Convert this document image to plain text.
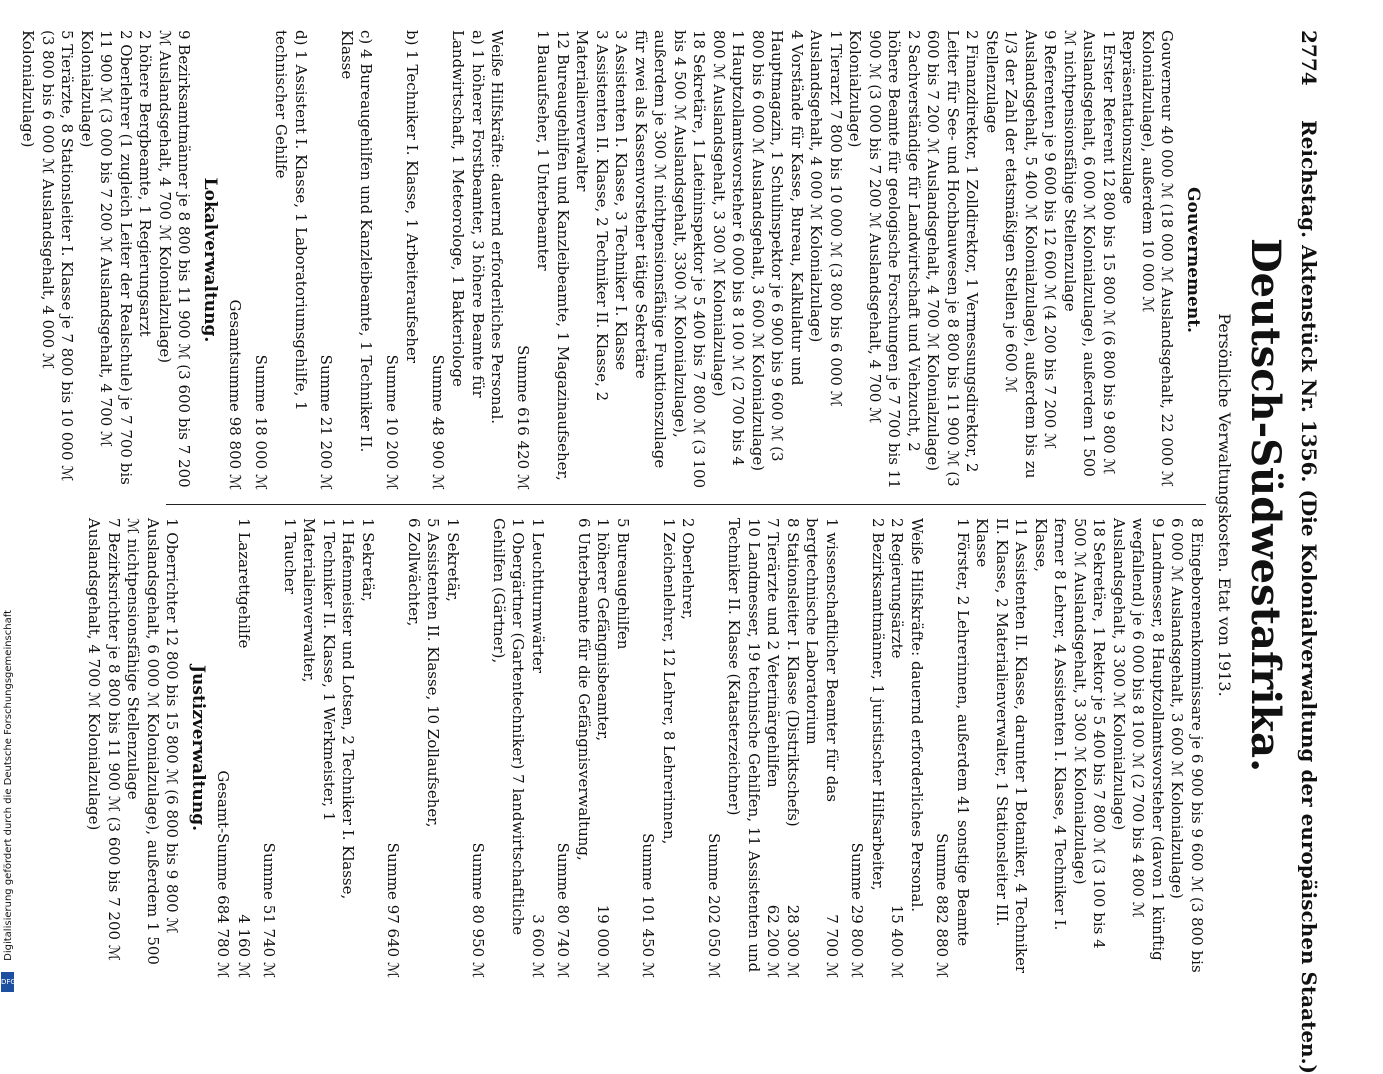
2774
Reichstag. Aktenstück Nr. 1356. (Die Kolonialverwaltung der europäischen Staaten.)
Deutsch-Südwestafrika.
Persönliche Verwaltungskosten. Etat von 1913.
Gouvernement.

Gouverneur 40 000 ℳ (18 000 ℳ Auslandsgehalt, 22 000 ℳ Kolonialzulage), außerdem 10 000 ℳ Repräsentationszulage

1 Erster Referent 12 800 bis 15 800 ℳ (6 800 bis 9 800 ℳ Auslandsgehalt, 6 000 ℳ Kolonialzulage), außerdem 1 500 ℳ nichtpensionsfähige Stellenzulage

9 Referenten je 9 600 bis 12 600 ℳ (4 200 bis 7 200 ℳ Auslandsgehalt, 5 400 ℳ Kolonialzulage), außerdem bis zu 1/3 der Zahl der etatsmäßigen Stellen je 600 ℳ Stellenzulage

2 Finanzdirektor, 1 Zolldirektor, 1 Vermessungsdirektor, 2 Leiter für See- und Hochbauwesen je 8 800 bis 11 900 ℳ (3 600 bis 7 200 ℳ Auslandsgehalt, 4 700 ℳ Kolonialzulage)

2 Sachverständige für Landwirtschaft und Viehzucht, 2 höhere Beamte für geologische Forschungen je 7 700 bis 11 900 ℳ (3 000 bis 7 200 ℳ Auslandsgehalt, 4 700 ℳ Kolonialzulage)

1 Tierarzt 7 800 bis 10 000 ℳ (3 800 bis 6 000 ℳ Auslandsgehalt, 4 000 ℳ Kolonialzulage)

4 Vorstände für Kasse, Bureau, Kalkulatur und Hauptmagazin, 1 Schulinspektor je 6 900 bis 9 600 ℳ (3 800 bis 6 000 ℳ Auslandsgehalt, 3 600 ℳ Kolonialzulage)

1 Hauptzollamtsvorsteher 6 000 bis 8 100 ℳ (2 700 bis 4 800 ℳ Auslandsgehalt, 3 300 ℳ Kolonialzulage)

18 Sekretäre, 1 Lateininspektor je 5 400 bis 7 800 ℳ (3 100 bis 4 500 ℳ Auslandsgehalt, 3300 ℳ Kolonialzulage), außerdem je 300 ℳ nichtpensionsfähige Funktionszulage für zwei als Kassenvorsteher tätige Sekretäre

3 Assistenten I. Klasse, 3 Techniker I. Klasse

3 Assistenten II. Klasse, 2 Techniker II. Klasse, 2 Materialienverwalter

12 Bureaugehilfen und Kanzleibeamte, 1 Magazinaufseher, 1 Bauaufseher, 1 Unterbeamter

Summe 616 420 ℳ

Weiße Hilfskräfte: dauernd erforderliches Personal.

a) 1 höherer Forstbeamter, 3 höhere Beamte für Landwirtschaft, 1 Meteorologe, 1 Bakteriologe

Summe 48 900 ℳ

b) 1 Techniker I. Klasse, 1 Arbeiteraufseher

Summe 10 200 ℳ

c) 4 Bureaugehilfen und Kanzleibeamte, 1 Techniker II. Klasse

Summe 21 200 ℳ

d) 1 Assistent I. Klasse, 1 Laboratoriumsgehilfe, 1 technischer Gehilfe

Summe 18 000 ℳ
Gesamtsumme 98 800 ℳ
Lokalverwaltung.

9 Bezirksamtmänner je 8 800 bis 11 900 ℳ (3 600 bis 7 200 ℳ Auslandsgehalt, 4 700 ℳ Kolonialzulage)

2 höhere Bergbeamte, 1 Regierungsarzt

2 Oberlehrer (1 zugleich Leiter der Realschule) je 7 700 bis 11 900 ℳ (3 000 bis 7 200 ℳ Auslandsgehalt, 4 700 ℳ Kolonialzulage)

5 Tierärzte, 8 Stationsleiter I. Klasse je 7 800 bis 10 000 ℳ (3 800 bis 6 000 ℳ Auslandsgehalt, 4 000 ℳ Kolonialzulage)

8 Eingeborenenkommissare je 6 900 bis 9 600 ℳ (3 800 bis 6 000 ℳ Auslandsgehalt, 3 600 ℳ Kolonialzulage)

9 Landmesser, 8 Hauptzollamtsvorsteher (davon 1 künftig wegfallend) je 6 000 bis 8 100 ℳ (2 700 bis 4 800 ℳ Auslandsgehalt, 3 300 ℳ Kolonialzulage)

18 Sekretäre, 1 Rektor je 5 400 bis 7 800 ℳ (3 100 bis 4 500 ℳ Auslandsgehalt, 3 300 ℳ Kolonialzulage)

ferner 8 Lehrer, 4 Assistenten I. Klasse, 4 Techniker I. Klasse,

11 Assistenten II. Klasse, darunter 1 Botaniker, 4 Techniker II. Klasse, 2 Materialienverwalter, 1 Stationsleiter III. Klasse

1 Förster, 2 Lehrerinnen, außerdem 41 sonstige Beamte

Summe 882 880 ℳ

Weiße Hilfskräfte: dauernd erforderliches Personal.

2 Regierungsärzte
15 400 ℳ

2 Bezirksamtmänner, 1 juristischer Hilfsarbeiter,

Summe 29 800 ℳ
1 wissenschaftlicher Beamter für das bergtechnische Laboratorium
7 700 ℳ
8 Stationsleiter I. Klasse (Distriktschefs)
28 300 ℳ
7 Tierärzte und 2 Veterinärgehilfen
62 200 ℳ

10 Landmesser, 19 technische Gehilfen, 11 Assistenten und Techniker II. Klasse (Katasterzeichner)

Summe 202 050 ℳ

2 Oberlehrer,

1 Zeichenlehrer, 12 Lehrer, 8 Lehrerinnen,

Summe 101 450 ℳ

5 Bureaugehilfen

1 höherer Gefängnisbeamter,
19 000 ℳ

6 Unterbeamte für die Gefängnisverwaltung,

Summe 80 740 ℳ
1 Leuchtturmwärter
3 600 ℳ

1 Obergärtner (Gartentechniker) 7 landwirtschaftliche Gehilfen (Gärtner),

Summe 80 950 ℳ

1 Sekretär,

5 Assistenten II. Klasse, 10 Zollaufseher,

6 Zollwächter,

Summe 97 640 ℳ

1 Sekretär,

1 Hafenmeister und Lotsen, 2 Techniker I. Klasse,

1 Techniker II. Klasse, 1 Werkmeister, 1 Materialienverwalter,

1 Taucher

Summe 51 740 ℳ
1 Lazarettgehilfe
4 160 ℳ
Gesamt-Summe 684 780 ℳ
Justizverwaltung.

1 Oberrichter 12 800 bis 15 800 ℳ (6 800 bis 9 800 ℳ Auslandsgehalt, 6 000 ℳ Kolonialzulage), außerdem 1 500 ℳ nichtpensionsfähige Stellenzulage

7 Bezirksrichter je 8 800 bis 11 900 ℳ (3 600 bis 7 200 ℳ Auslandsgehalt, 4 700 ℳ Kolonialzulage)

Digitalisierung gefördert durch die Deutsche Forschungsgemeinschaft
DFG
